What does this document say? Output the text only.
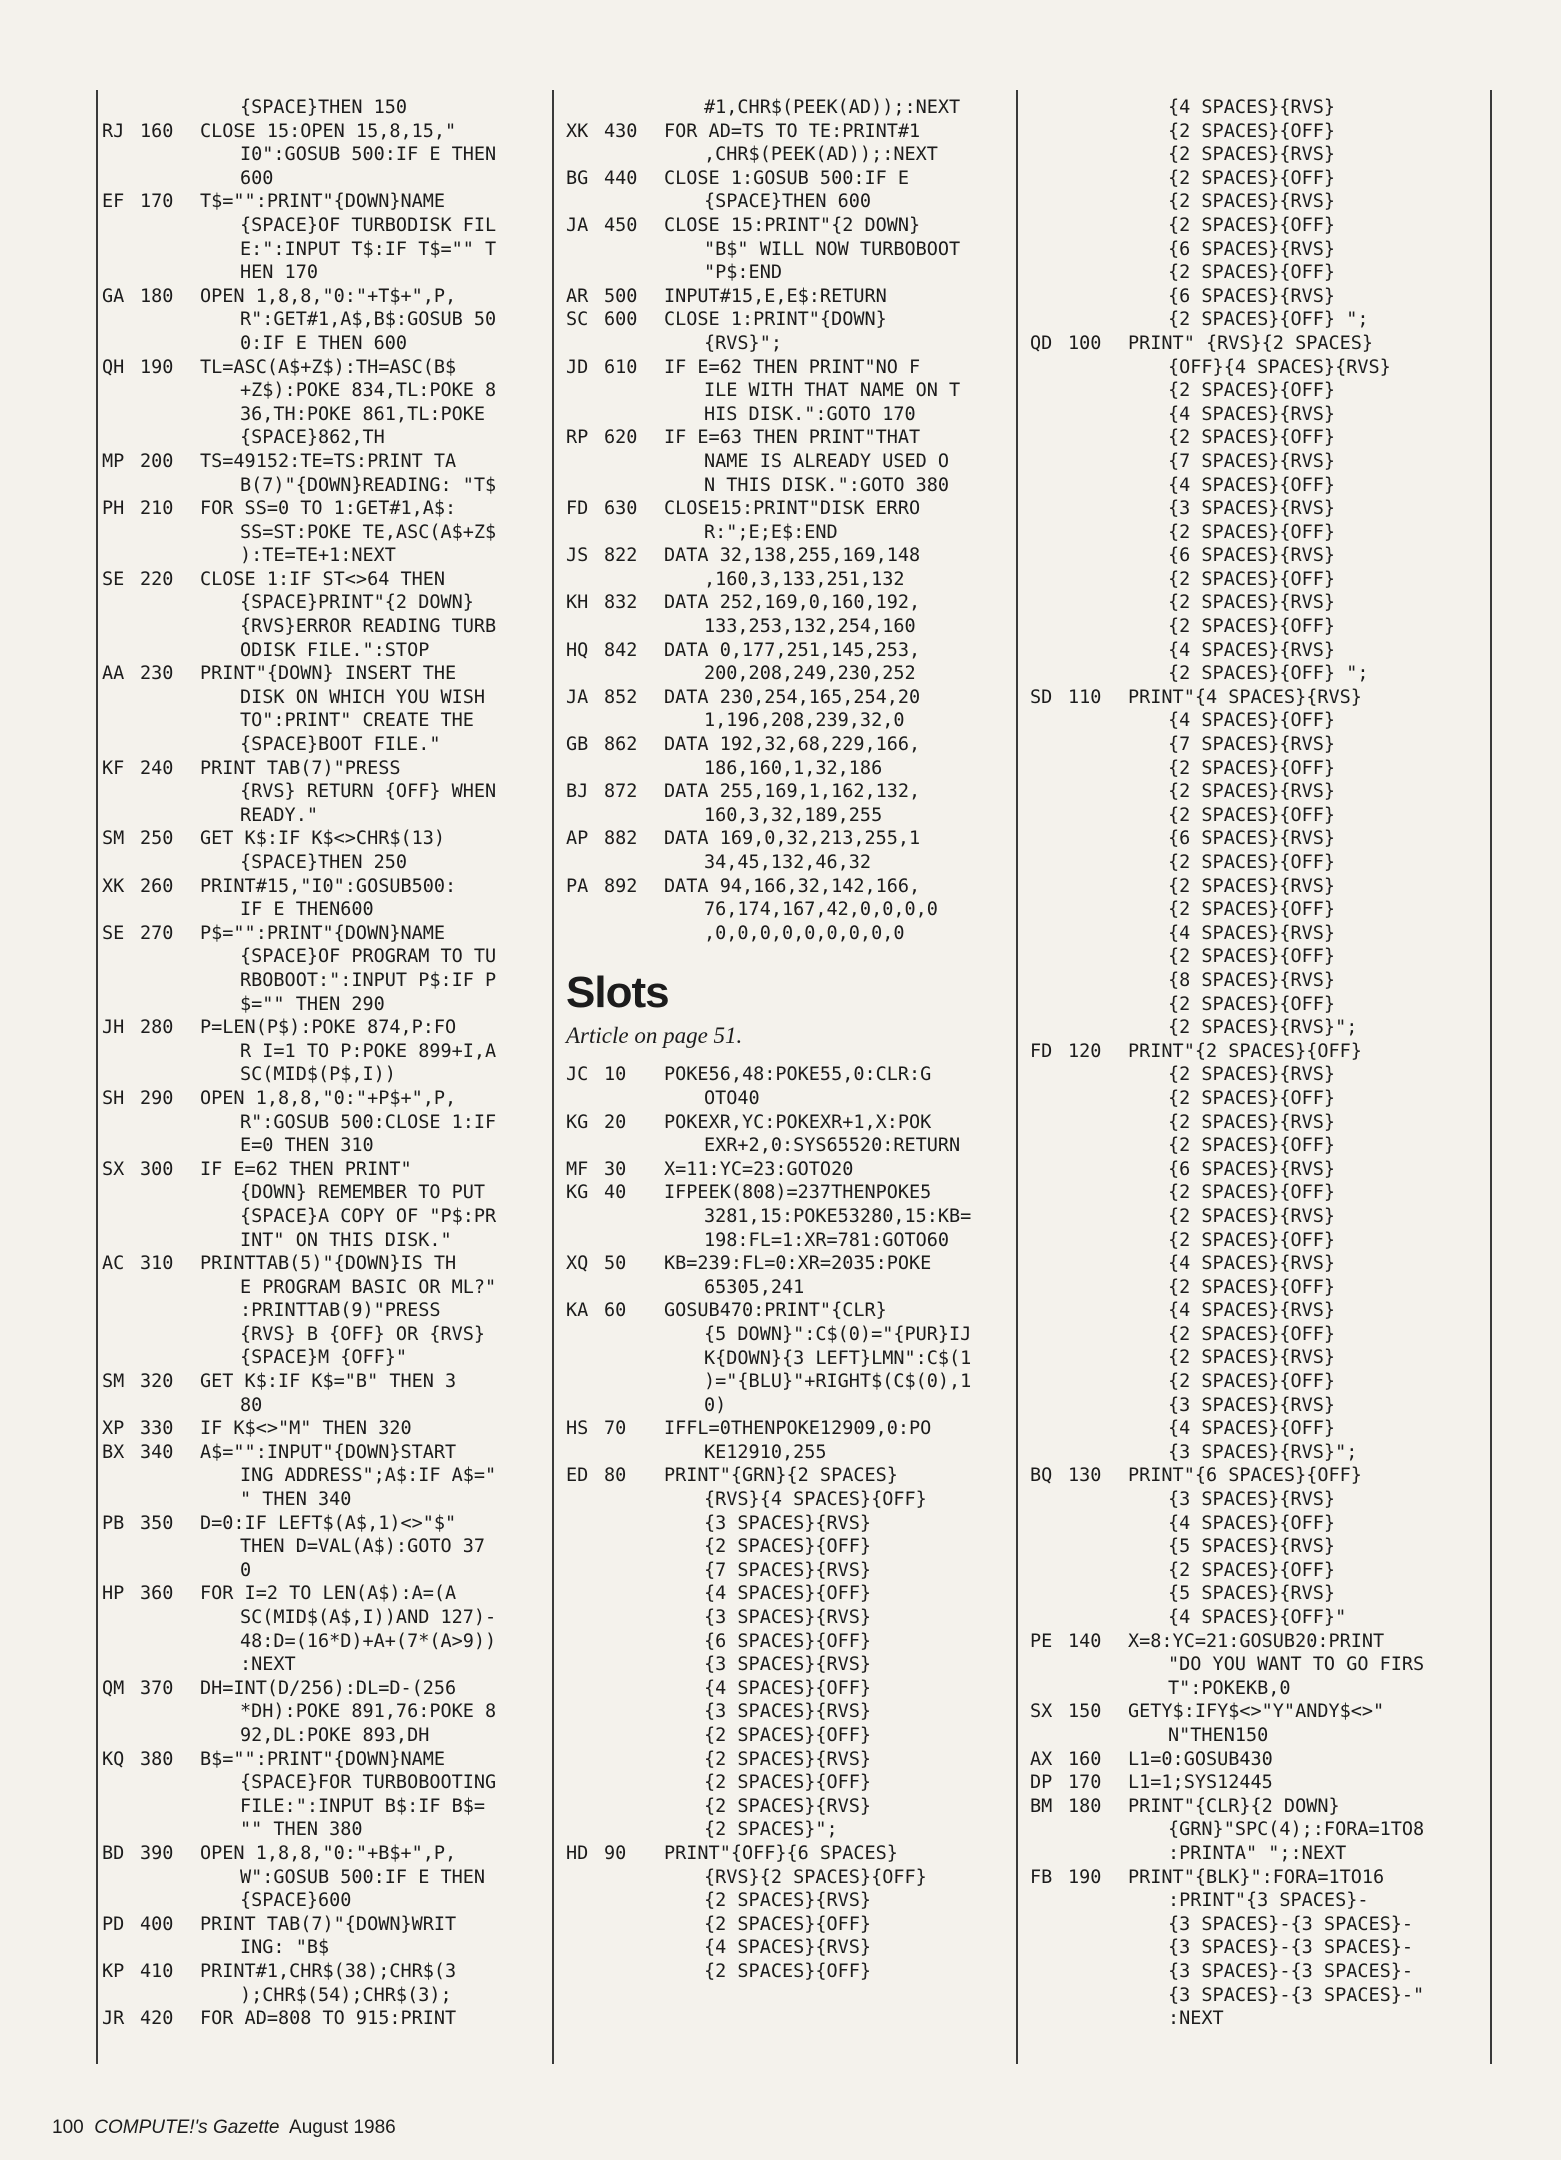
{SPACE}THEN 150
RJ 160	CLOSE 15:OPEN 15,8,15,"
I0":GOSUB 500:IF E THEN
600
EF 170	T$="":PRINT"{DOWN}NAME
{SPACE}OF TURBODISK FIL
E:":INPUT T$:IF T$="" T
HEN 170
GA 180	OPEN 1,8,8,"0:"+T$+",P,
R":GET#1,A$,B$:GOSUB 50
0:IF E THEN 600
QH 190	TL=ASC(A$+Z$):TH=ASC(B$
+Z$):POKE 834,TL:POKE 8
36,TH:POKE 861,TL:POKE
{SPACE}862,TH
MP 200	TS=49152:TE=TS:PRINT TA
B(7)"{DOWN}READING: "T$
PH 210	FOR SS=0 TO 1:GET#1,A$:
SS=ST:POKE TE,ASC(A$+Z$
):TE=TE+1:NEXT
SE 220	CLOSE 1:IF ST<>64 THEN
{SPACE}PRINT"{2 DOWN}
{RVS}ERROR READING TURB
ODISK FILE.":STOP
AA 230	PRINT"{DOWN} INSERT THE
DISK ON WHICH YOU WISH
TO":PRINT" CREATE THE
{SPACE}BOOT FILE."
KF 240	PRINT TAB(7)"PRESS
{RVS} RETURN {OFF} WHEN
READY."
SM 250	GET K$:IF K$<>CHR$(13)
{SPACE}THEN 250
XK 260	PRINT#15,"I0":GOSUB500:
IF E THEN600
SE 270	P$="":PRINT"{DOWN}NAME
{SPACE}OF PROGRAM TO TU
RBOBOOT:":INPUT P$:IF P
$="" THEN 290
JH 280	P=LEN(P$):POKE 874,P:FO
R I=1 TO P:POKE 899+I,A
SC(MID$(P$,I))
SH 290	OPEN 1,8,8,"0:"+P$+",P,
R":GOSUB 500:CLOSE 1:IF
E=0 THEN 310
SX 300	IF E=62 THEN PRINT"
{DOWN} REMEMBER TO PUT
{SPACE}A COPY OF "P$:PR
INT" ON THIS DISK."
AC 310	PRINTTAB(5)"{DOWN}IS TH
E PROGRAM BASIC OR ML?"
:PRINTTAB(9)"PRESS
{RVS} B {OFF} OR {RVS}
{SPACE}M {OFF}"
SM 320	GET K$:IF K$="B" THEN 3
80
XP 330	IF K$<>"M" THEN 320
BX 340	A$="":INPUT"{DOWN}START
ING ADDRESS";A$:IF A$="
" THEN 340
PB 350	D=0:IF LEFT$(A$,1)<>"$"
THEN D=VAL(A$):GOTO 37
0
HP 360	FOR I=2 TO LEN(A$):A=(A
SC(MID$(A$,I))AND 127)-
48:D=(16*D)+A+(7*(A>9))
:NEXT
QM 370	DH=INT(D/256):DL=D-(256
*DH):POKE 891,76:POKE 8
92,DL:POKE 893,DH
KQ 380	B$="":PRINT"{DOWN}NAME
{SPACE}FOR TURBOBOOTING
FILE:":INPUT B$:IF B$=
"" THEN 380
BD 390	OPEN 1,8,8,"0:"+B$+",P,
W":GOSUB 500:IF E THEN
{SPACE}600
PD 400	PRINT TAB(7)"{DOWN}WRIT
ING: "B$
KP 410	PRINT#1,CHR$(38);CHR$(3
);CHR$(54);CHR$(3);
JR 420	FOR AD=808 TO 915:PRINT
#1,CHR$(PEEK(AD));:NEXT
XK 430	FOR AD=TS TO TE:PRINT#1
,CHR$(PEEK(AD));:NEXT
BG 440	CLOSE 1:GOSUB 500:IF E
{SPACE}THEN 600
JA 450	CLOSE 15:PRINT"{2 DOWN}
"B$" WILL NOW TURBOBOOT
"P$:END
AR 500	INPUT#15,E,E$:RETURN
SC 600	CLOSE 1:PRINT"{DOWN}
{RVS}";
JD 610	IF E=62 THEN PRINT"NO F
ILE WITH THAT NAME ON T
HIS DISK.":GOTO 170
RP 620	IF E=63 THEN PRINT"THAT
NAME IS ALREADY USED O
N THIS DISK.":GOTO 380
FD 630	CLOSE15:PRINT"DISK ERRO
R:";E;E$:END
JS 822	DATA 32,138,255,169,148
,160,3,133,251,132
KH 832	DATA 252,169,0,160,192,
133,253,132,254,160
HQ 842	DATA 0,177,251,145,253,
200,208,249,230,252
JA 852	DATA 230,254,165,254,20
1,196,208,239,32,0
GB 862	DATA 192,32,68,229,166,
186,160,1,32,186
BJ 872	DATA 255,169,1,162,132,
160,3,32,189,255
AP 882	DATA 169,0,32,213,255,1
34,45,132,46,32
PA 892	DATA 94,166,32,142,166,
76,174,167,42,0,0,0,0
,0,0,0,0,0,0,0,0,0
Slots
Article on page 51.
JC 10	POKE56,48:POKE55,0:CLR:G
OTO40
KG 20	POKEXR,YC:POKEXR+1,X:POK
EXR+2,0:SYS65520:RETURN
MF 30	X=11:YC=23:GOTO20
KG 40	IFPEEK(808)=237THENPOKE5
3281,15:POKE53280,15:KB=
198:FL=1:XR=781:GOTO60
XQ 50	KB=239:FL=0:XR=2035:POKE
65305,241
KA 60	GOSUB470:PRINT"{CLR}
{5 DOWN}":C$(0)="{PUR}IJ
K{DOWN}{3 LEFT}LMN":C$(1
)="{BLU}"+RIGHT$(C$(0),1
0)
HS 70	IFFL=0THENPOKE12909,0:PO
KE12910,255
ED 80	PRINT"{GRN}{2 SPACES}
{RVS}{4 SPACES}{OFF}
{3 SPACES}{RVS}
{2 SPACES}{OFF}
{7 SPACES}{RVS}
{4 SPACES}{OFF}
{3 SPACES}{RVS}
{6 SPACES}{OFF}
{3 SPACES}{RVS}
{4 SPACES}{OFF}
{3 SPACES}{RVS}
{2 SPACES}{OFF}
{2 SPACES}{RVS}
{2 SPACES}{OFF}
{2 SPACES}{RVS}
{2 SPACES}";
HD 90	PRINT"{OFF}{6 SPACES}
{RVS}{2 SPACES}{OFF}
{2 SPACES}{RVS}
{2 SPACES}{OFF}
{4 SPACES}{RVS}
{2 SPACES}{OFF}
{4 SPACES}{RVS}
{2 SPACES}{OFF}
{2 SPACES}{RVS}
{2 SPACES}{OFF}
{2 SPACES}{RVS}
{2 SPACES}{OFF}
{6 SPACES}{RVS}
{2 SPACES}{OFF}
{6 SPACES}{RVS}
{2 SPACES}{OFF} ";
QD 100	PRINT" {RVS}{2 SPACES}
{OFF}{4 SPACES}{RVS}
{2 SPACES}{OFF}
{4 SPACES}{RVS}
{2 SPACES}{OFF}
{7 SPACES}{RVS}
{4 SPACES}{OFF}
{3 SPACES}{RVS}
{2 SPACES}{OFF}
{6 SPACES}{RVS}
{2 SPACES}{OFF}
{2 SPACES}{RVS}
{2 SPACES}{OFF}
{4 SPACES}{RVS}
{2 SPACES}{OFF} ";
SD 110	PRINT"{4 SPACES}{RVS}
{4 SPACES}{OFF}
{7 SPACES}{RVS}
{2 SPACES}{OFF}
{2 SPACES}{RVS}
{2 SPACES}{OFF}
{6 SPACES}{RVS}
{2 SPACES}{OFF}
{2 SPACES}{RVS}
{2 SPACES}{OFF}
{4 SPACES}{RVS}
{2 SPACES}{OFF}
{8 SPACES}{RVS}
{2 SPACES}{OFF}
{2 SPACES}{RVS}";
FD 120	PRINT"{2 SPACES}{OFF}
{2 SPACES}{RVS}
{2 SPACES}{OFF}
{2 SPACES}{RVS}
{2 SPACES}{OFF}
{6 SPACES}{RVS}
{2 SPACES}{OFF}
{2 SPACES}{RVS}
{2 SPACES}{OFF}
{4 SPACES}{RVS}
{2 SPACES}{OFF}
{4 SPACES}{RVS}
{2 SPACES}{OFF}
{2 SPACES}{RVS}
{2 SPACES}{OFF}
{3 SPACES}{RVS}
{4 SPACES}{OFF}
{3 SPACES}{RVS}";
BQ 130	PRINT"{6 SPACES}{OFF}
{3 SPACES}{RVS}
{4 SPACES}{OFF}
{5 SPACES}{RVS}
{2 SPACES}{OFF}
{5 SPACES}{RVS}
{4 SPACES}{OFF}"
PE 140	X=8:YC=21:GOSUB20:PRINT
"DO YOU WANT TO GO FIRS
T":POKEKB,0
SX 150	GETY$:IFY$<>"Y"ANDY$<>"
N"THEN150
AX 160	L1=0:GOSUB430
DP 170	L1=1;SYS12445
BM 180	PRINT"{CLR}{2 DOWN}
{GRN}"SPC(4);:FORA=1TO8
:PRINTA" ";:NEXT
FB 190	PRINT"{BLK}":FORA=1TO16
:PRINT"{3 SPACES}-
{3 SPACES}-{3 SPACES}-
{3 SPACES}-{3 SPACES}-
{3 SPACES}-{3 SPACES}-
{3 SPACES}-{3 SPACES}-"
:NEXT
100 COMPUTE!'s Gazette August 1986
